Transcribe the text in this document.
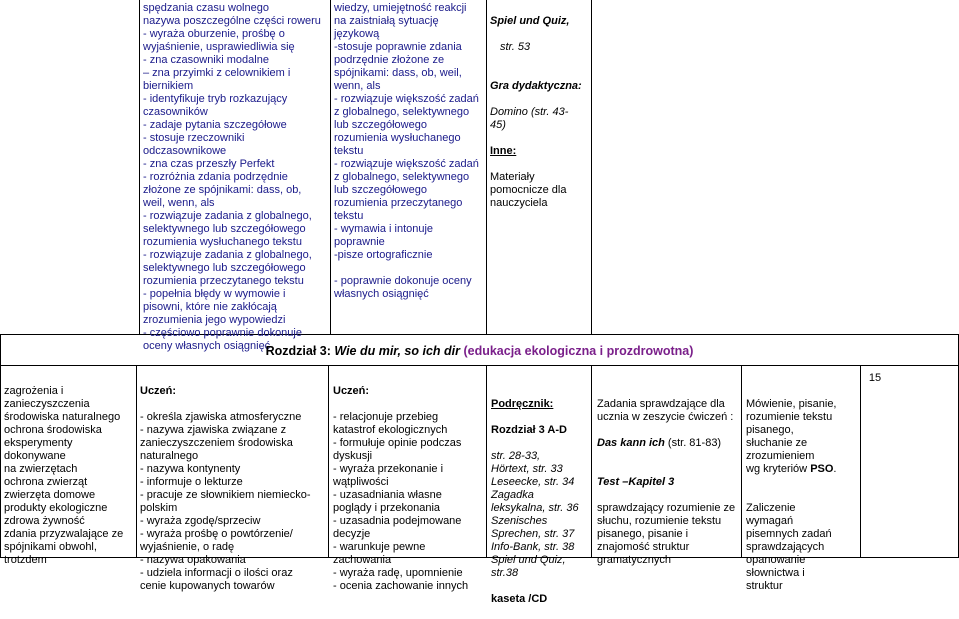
spędzania czasu wolnego
nazywa poszczególne części roweru
- wyraża oburzenie, prośbę o
wyjaśnienie, usprawiedliwia się
- zna czasowniki modalne
– zna przyimki z celownikiem i
biernikiem
- identyfikuje tryb rozkazujący
czasowników
- zadaje pytania szczegółowe
- stosuje rzeczowniki
odczasownikowe
- zna czas przeszły Perfekt
- rozróżnia zdania podrzędnie
złożone ze spójnikami: dass, ob,
weil, wenn, als
- rozwiązuje zadania z globalnego,
selektywnego lub szczegółowego
rozumienia wysłuchanego tekstu
- rozwiązuje zadania z globalnego,
selektywnego lub szczegółowego
rozumienia przeczytanego tekstu
- popełnia błędy w wymowie i
pisowni, które nie zakłócają
zrozumienia jego wypowiedzi
- częściowo poprawnie dokonuje
oceny własnych osiągnięć
wiedzy, umiejętność reakcji
na zaistniałą sytuację
językową
-stosuje poprawnie zdania
podrzędnie złożone ze
spójnikami: dass, ob, weil,
wenn, als
- rozwiązuje większość zadań
z globalnego, selektywnego
lub szczegółowego
rozumienia wysłuchanego
tekstu
- rozwiązuje większość zadań
z globalnego, selektywnego
lub szczegółowego
rozumienia przeczytanego
tekstu
- wymawia i intonuje
poprawnie
-pisze ortograficznie

- poprawnie dokonuje oceny
własnych osiągnięć

Spiel und Quiz,

str. 53

Gra dydaktyczna:

Domino (str. 43-
45)

Inne:

Materiały
pomocnicze dla
nauczyciela

Rozdział 3: Wie du mir, so ich dir (edukacja ekologiczna i prozdrowotna)
zagrożenia i
zanieczyszczenia
środowiska naturalnego
ochrona środowiska
eksperymenty
dokonywane
na zwierzętach
ochrona zwierząt
zwierzęta domowe
produkty ekologiczne
zdrowa żywność
zdania przyzwalające ze
spójnikami obwohl,
trotzdem

Uczeń:

- określa zjawiska atmosferyczne
- nazywa zjawiska związane z
zanieczyszczeniem środowiska
naturalnego
- nazywa kontynenty
- informuje o lekturze
- pracuje ze słownikiem niemiecko-
polskim
- wyraża zgodę/sprzeciw
- wyraża prośbę o powtórzenie/
wyjaśnienie, o radę
- nazywa opakowania
- udziela informacji o ilości oraz
cenie kupowanych towarów

Uczeń:

- relacjonuje przebieg
katastrof ekologicznych
- formułuje opinie podczas
dyskusji
- wyraża przekonanie i
wątpliwości
- uzasadniania własne
poglądy i przekonania
- uzasadnia podejmowane
decyzje
- warunkuje pewne
zachowania
- wyraża radę, upomnienie
- ocenia zachowanie innych

Podręcznik:

Rozdział 3 A-D

str. 28-33,
Hörtext, str. 33
Leseecke, str. 34
Zagadka
leksykalna, str. 36
Szenisches
Sprechen, str. 37
Info-Bank, str. 38
Spiel und Quiz,
str.38

kaseta /CD

Zadania sprawdzające dla
ucznia w zeszycie ćwiczeń :

Das kann ich (str. 81-83)

Test –Kapitel 3

sprawdzający rozumienie ze
słuchu, rozumienie tekstu
pisanego, pisanie i
znajomość struktur
gramatycznych

Mówienie, pisanie,
rozumienie tekstu
pisanego,
słuchanie ze
zrozumieniem
wg kryteriów PSO.

Zaliczenie
wymagań
pisemnych zadań
sprawdzających
opanowanie
słownictwa i
struktur

15
